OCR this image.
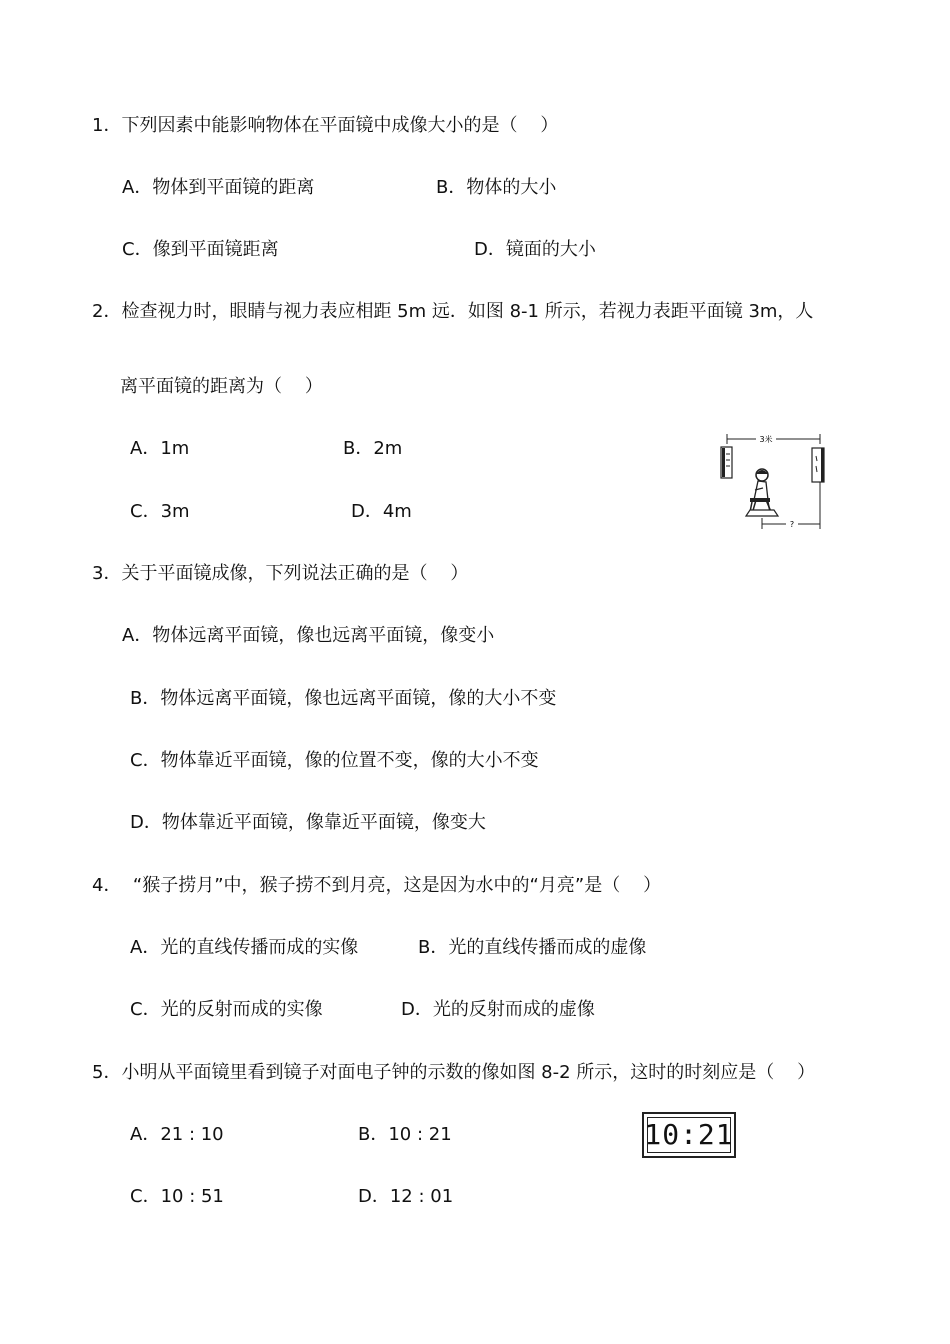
1．下列因素中能影响物体在平面镜中成像大小的是（    ）
A．物体到平面镜的距离	B．物体的大小
C．像到平面镜距离	D．镜面的大小
2．检查视力时，眼睛与视力表应相距 5m 远．如图 8-1 所示，若视力表距平面镜 3m，人
离平面镜的距离为（    ）
A．1m	B．2m
C．3m	D．4m
3米
?
3．关于平面镜成像，下列说法正确的是（    ）
A．物体远离平面镜，像也远离平面镜，像变小
B．物体远离平面镜，像也远离平面镜，像的大小不变
C．物体靠近平面镜，像的位置不变，像的大小不变
D．物体靠近平面镜，像靠近平面镜，像变大
4．  “猴子捞月”中，猴子捞不到月亮，这是因为水中的“月亮”是（    ）
A．光的直线传播而成的实像	B．光的直线传播而成的虚像
C．光的反射而成的实像	D．光的反射而成的虚像
5．小明从平面镜里看到镜子对面电子钟的示数的像如图 8-2 所示，这时的时刻应是（    ）
A．21 : 10	B．10 : 21
C．10 : 51	D．12 : 01
10:21
